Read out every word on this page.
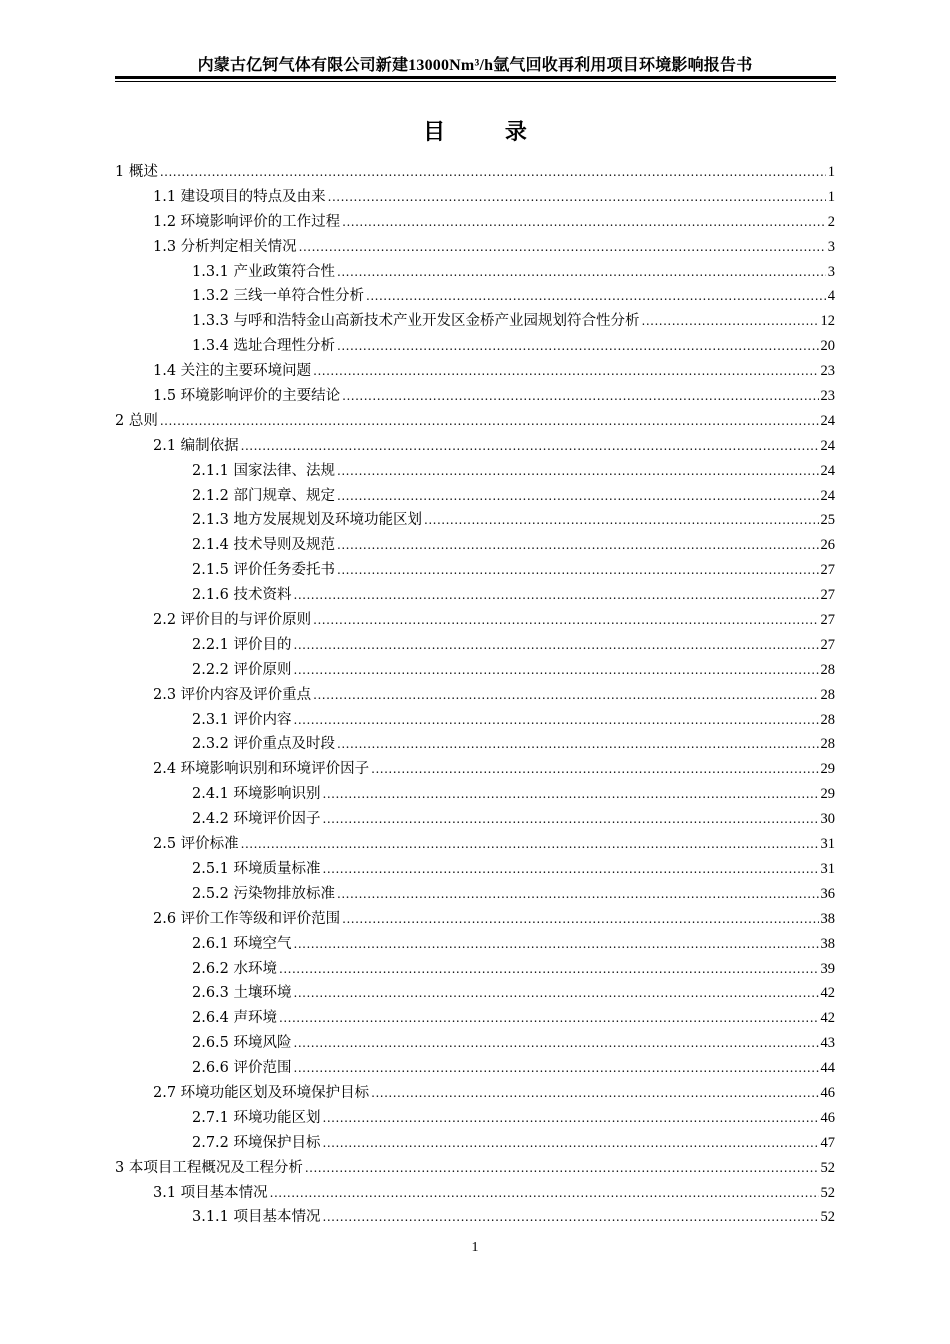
内蒙古亿钶气体有限公司新建13000Nm³/h氩气回收再利用项目环境影响报告书
目 录
1 概述 .....	1
1.1 建设项目的特点及由来 .....	1
1.2 环境影响评价的工作过程 .....	2
1.3 分析判定相关情况 .....	3
1.3.1 产业政策符合性 .....	3
1.3.2 三线一单符合性分析 .....	4
1.3.3 与呼和浩特金山高新技术产业开发区金桥产业园规划符合性分析 .....	12
1.3.4 选址合理性分析 .....	20
1.4 关注的主要环境问题 .....	23
1.5 环境影响评价的主要结论 .....	23
2 总则 .....	24
2.1 编制依据 .....	24
2.1.1 国家法律、法规 .....	24
2.1.2 部门规章、规定 .....	24
2.1.3 地方发展规划及环境功能区划 .....	25
2.1.4 技术导则及规范 .....	26
2.1.5 评价任务委托书 .....	27
2.1.6 技术资料 .....	27
2.2 评价目的与评价原则 .....	27
2.2.1 评价目的 .....	27
2.2.2 评价原则 .....	28
2.3 评价内容及评价重点 .....	28
2.3.1 评价内容 .....	28
2.3.2 评价重点及时段 .....	28
2.4 环境影响识别和环境评价因子 .....	29
2.4.1 环境影响识别 .....	29
2.4.2 环境评价因子 .....	30
2.5 评价标准 .....	31
2.5.1 环境质量标准 .....	31
2.5.2 污染物排放标准 .....	36
2.6 评价工作等级和评价范围 .....	38
2.6.1 环境空气 .....	38
2.6.2 水环境 .....	39
2.6.3 土壤环境 .....	42
2.6.4 声环境 .....	42
2.6.5 环境风险 .....	43
2.6.6 评价范围 .....	44
2.7 环境功能区划及环境保护目标 .....	46
2.7.1 环境功能区划 .....	46
2.7.2 环境保护目标 .....	47
3 本项目工程概况及工程分析 .....	52
3.1 项目基本情况 .....	52
3.1.1 项目基本情况 .....	52
1
